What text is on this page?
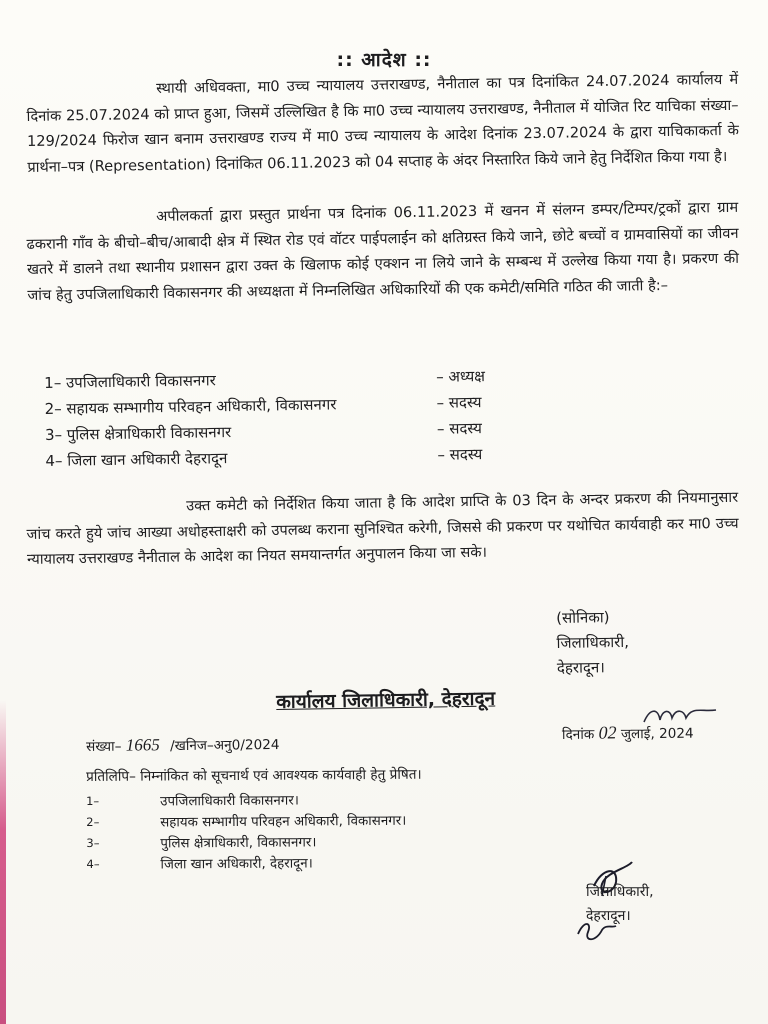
:: आदेश ::
स्थायी अधिवक्ता, मा0 उच्च न्यायालय उत्तराखण्ड, नैनीताल का पत्र दिनांकित 24.07.2024 कार्यालय में दिनांक 25.07.2024 को प्राप्त हुआ, जिसमें उल्लिखित है कि मा0 उच्च न्यायालय उत्तराखण्ड, नैनीताल में योजित रिट याचिका संख्या–129/2024 फिरोज खान बनाम उत्तराखण्ड राज्य में मा0 उच्च न्यायालय के आदेश दिनांक 23.07.2024 के द्वारा याचिकाकर्ता के प्रार्थना–पत्र (Representation) दिनांकित 06.11.2023 को 04 सप्ताह के अंदर निस्तारित किये जाने हेतु निर्देशित किया गया है।
अपीलकर्ता द्वारा प्रस्तुत प्रार्थना पत्र दिनांक 06.11.2023 में खनन में संलग्न डम्पर/टिम्पर/ट्रकों द्वारा ग्राम ढकरानी गाँव के बीचो–बीच/आबादी क्षेत्र में स्थित रोड एवं वॉटर पाईपलाईन को क्षतिग्रस्त किये जाने, छोटे बच्चों व ग्रामवासियों का जीवन खतरे में डालने तथा स्थानीय प्रशासन द्वारा उक्त के खिलाफ कोई एक्शन ना लिये जाने के सम्बन्ध में उल्लेख किया गया है। प्रकरण की जांच हेतु उपजिलाधिकारी विकासनगर की अध्यक्षता में निम्नलिखित अधिकारियों की एक कमेटी/समिति गठित की जाती है:–
1– उपजिलाधिकारी विकासनगर	– अध्यक्ष
2– सहायक सम्भागीय परिवहन अधिकारी, विकासनगर	– सदस्य
3– पुलिस क्षेत्राधिकारी विकासनगर	– सदस्य
4– जिला खान अधिकारी देहरादून	– सदस्य
उक्त कमेटी को निर्देशित किया जाता है कि आदेश प्राप्ति के 03 दिन के अन्दर प्रकरण की नियमानुसार जांच करते हुये जांच आख्या अधोहस्ताक्षरी को उपलब्ध कराना सुनिश्चित करेगी, जिससे की प्रकरण पर यथोचित कार्यवाही कर मा0 उच्च न्यायालय उत्तराखण्ड नैनीताल के आदेश का नियत समयान्तर्गत अनुपालन किया जा सके।
(सोनिका)
जिलाधिकारी,
देहरादून।
कार्यालय जिलाधिकारी, देहरादून
संख्या– 1665 /खनिज–अनु0/2024
दिनांक 02 जुलाई, 2024
प्रतिलिपि– निम्नांकित को सूचनार्थ एवं आवश्यक कार्यवाही हेतु प्रेषित।
1–	उपजिलाधिकारी विकासनगर।
2–	सहायक सम्भागीय परिवहन अधिकारी, विकासनगर।
3–	पुलिस क्षेत्राधिकारी, विकासनगर।
4–	जिला खान अधिकारी, देहरादून।
जिलाधिकारी,
देहरादून।
